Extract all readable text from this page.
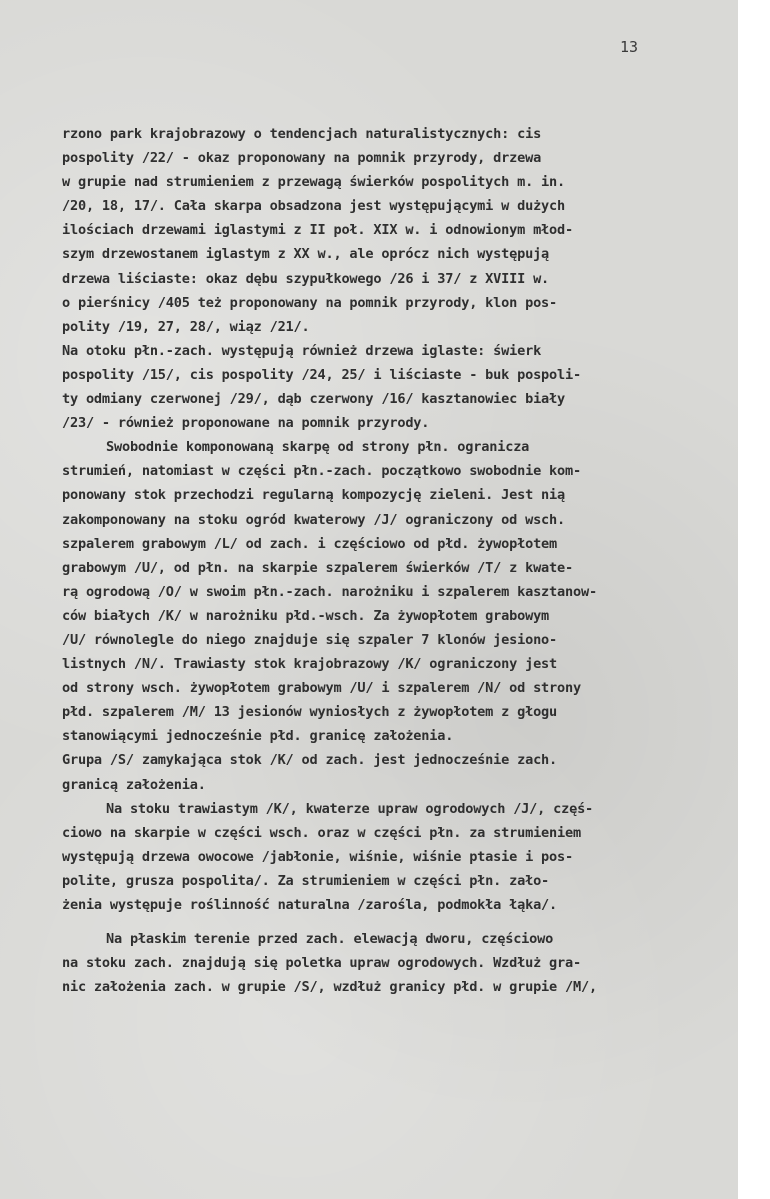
13
rzono park krajobrazowy o tendencjach naturalistycznych: cis
pospolity /22/ - okaz proponowany na pomnik przyrody, drzewa
w grupie nad strumieniem z przewagą świerków pospolitych m. in.
/20, 18, 17/. Cała skarpa obsadzona jest występującymi w dużych
ilościach drzewami iglastymi z II poł. XIX w. i odnowionym młod-
szym drzewostanem iglastym z XX w., ale oprócz nich występują
drzewa liściaste: okaz dębu szypułkowego /26 i 37/ z XVIII w.
o pierśnicy /405 też proponowany na pomnik przyrody, klon pos-
polity /19, 27, 28/, wiąz /21/.
Na otoku płn.-zach. występują również drzewa iglaste: świerk
pospolity /15/, cis pospolity /24, 25/ i liściaste - buk pospoli-
ty odmiany czerwonej /29/, dąb czerwony /16/ kasztanowiec biały
/23/ - również proponowane na pomnik przyrody.
Swobodnie komponowaną skarpę od strony płn. ogranicza
strumień, natomiast w części płn.-zach. początkowo swobodnie kom-
ponowany stok przechodzi regularną kompozycję zieleni. Jest nią
zakomponowany na stoku ogród kwaterowy /J/ ograniczony od wsch.
szpalerem grabowym /L/ od zach. i częściowo od płd. żywopłotem
grabowym /U/, od płn. na skarpie szpalerem świerków /T/ z kwate-
rą ogrodową /O/ w swoim płn.-zach. narożniku i szpalerem kasztanow-
ców białych /K/ w narożniku płd.-wsch. Za żywopłotem grabowym
/U/ równolegle do niego znajduje się szpaler 7 klonów jesiono-
listnych /N/. Trawiasty stok krajobrazowy /K/ ograniczony jest
od strony wsch. żywopłotem grabowym /U/ i szpalerem /N/ od strony
płd. szpalerem /M/ 13 jesionów wyniosłych z żywopłotem z głogu
stanowiącymi jednocześnie płd. granicę założenia.
Grupa /S/ zamykająca stok /K/ od zach. jest jednocześnie zach.
granicą założenia.
Na stoku trawiastym /K/, kwaterze upraw ogrodowych /J/, częś-
ciowo na skarpie w części wsch. oraz w części płn. za strumieniem
występują drzewa owocowe /jabłonie, wiśnie, wiśnie ptasie i pos-
polite, grusza pospolita/. Za strumieniem w części płn. zało-
żenia występuje roślinność naturalna /zarośla, podmokła łąka/.
Na płaskim terenie przed zach. elewacją dworu, częściowo
na stoku zach. znajdują się poletka upraw ogrodowych. Wzdłuż gra-
nic założenia zach. w grupie /S/, wzdłuż granicy płd. w grupie /M/,
